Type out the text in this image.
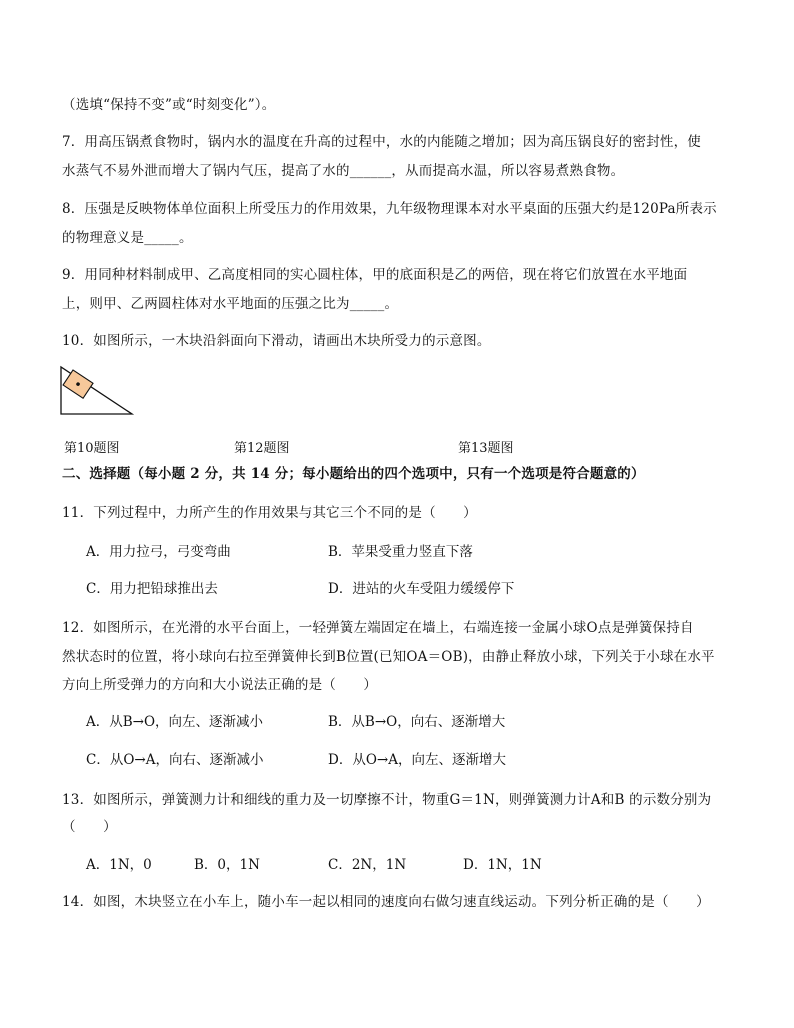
（选填“保持不变”或“时刻变化”）。
7．用高压锅煮食物时，锅内水的温度在升高的过程中，水的内能随之增加；因为高压锅良好的密封性，使
水蒸气不易外泄而增大了锅内气压，提高了水的______，从而提高水温，所以容易煮熟食物。
8．压强是反映物体单位面积上所受压力的作用效果，九年级物理课本对水平桌面的压强大约是120Pa所表示
的物理意义是_____。
9．用同种材料制成甲、乙高度相同的实心圆柱体，甲的底面积是乙的两倍，现在将它们放置在水平地面
上，则甲、乙两圆柱体对水平地面的压强之比为_____。
10．如图所示，一木块沿斜面向下滑动，请画出木块所受力的示意图。
第10题图	第12题图	第13题图
二、选择题（每小题 2 分，共 14 分；每小题给出的四个选项中，只有一个选项是符合题意的）
11．下列过程中，力所产生的作用效果与其它三个不同的是（　　）
A．用力拉弓，弓变弯曲	B．苹果受重力竖直下落
C．用力把铅球推出去	D．进站的火车受阻力缓缓停下
12．如图所示，在光滑的水平台面上，一轻弹簧左端固定在墙上，右端连接一金属小球O点是弹簧保持自
然状态时的位置，将小球向右拉至弹簧伸长到B位置(已知OA＝OB)，由静止释放小球，下列关于小球在水平
方向上所受弹力的方向和大小说法正确的是（　　）
A．从B→O，向左、逐渐减小	B．从B→O，向右、逐渐增大
C．从O→A，向右、逐渐减小	D．从O→A，向左、逐渐增大
13．如图所示，弹簧测力计和细线的重力及一切摩擦不计，物重G＝1N，则弹簧测力计A和B 的示数分别为
（　　）
A．1N，0	B．0，1N	C．2N，1N	D．1N，1N
14．如图，木块竖立在小车上，随小车一起以相同的速度向右做匀速直线运动。下列分析正确的是（　　）
